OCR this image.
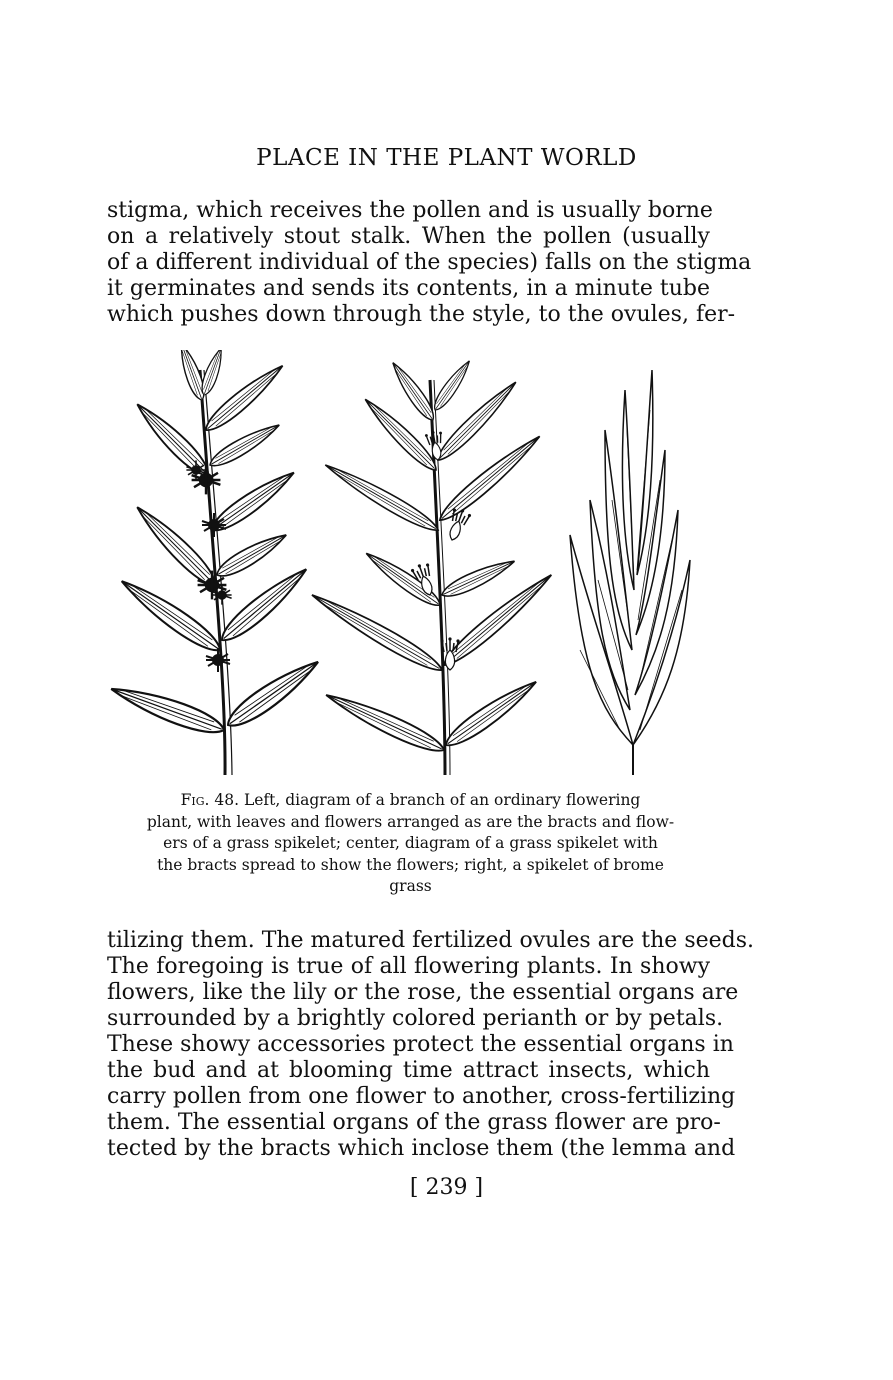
PLACE IN THE PLANT WORLD
stigma, which receives the pollen and is usually borne
on a relatively stout stalk. When the pollen (usually
of a different individual of the species) falls on the stigma
it germinates and sends its contents, in a minute tube
which pushes down through the style, to the ovules, fer-
Fig. 48. Left, diagram of a branch of an ordinary flowering
plant, with leaves and flowers arranged as are the bracts and flow-
ers of a grass spikelet; center, diagram of a grass spikelet with
the bracts spread to show the flowers; right, a spikelet of brome
grass
tilizing them. The matured fertilized ovules are the seeds.
The foregoing is true of all flowering plants. In showy
flowers, like the lily or the rose, the essential organs are
surrounded by a brightly colored perianth or by petals.
These showy accessories protect the essential organs in
the bud and at blooming time attract insects, which
carry pollen from one flower to another, cross-fertilizing
them. The essential organs of the grass flower are pro-
tected by the bracts which inclose them (the lemma and
[ 239 ]
